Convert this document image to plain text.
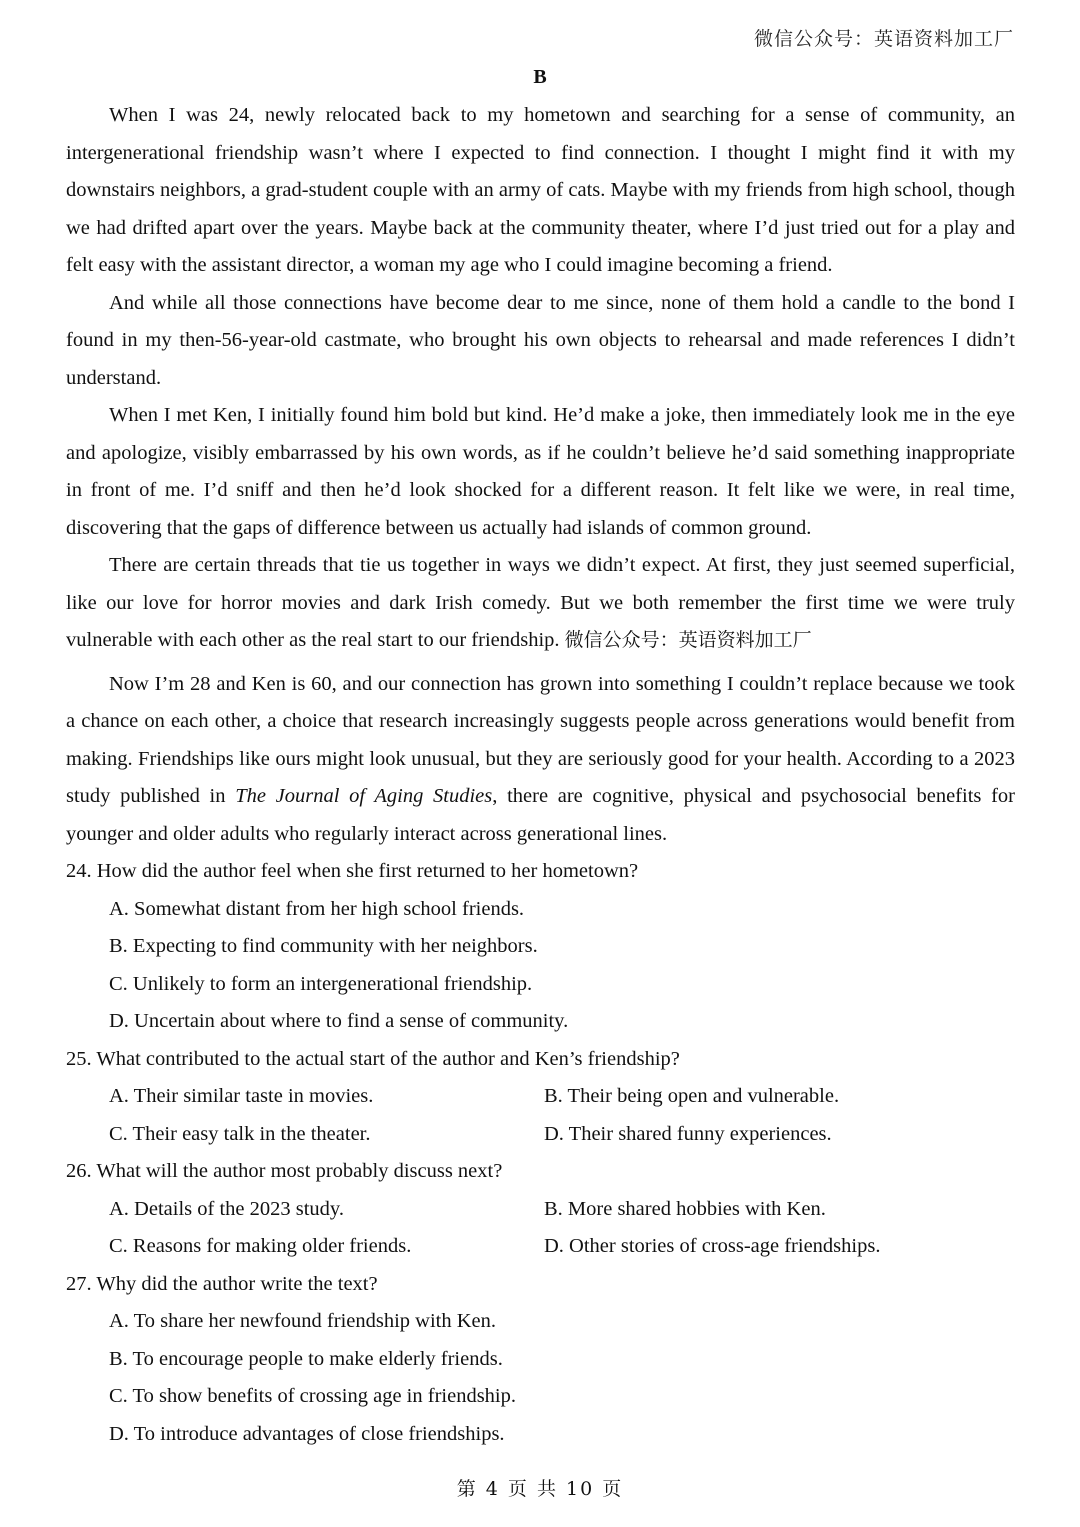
微信公众号：英语资料加工厂
B

When I was 24, newly relocated back to my hometown and searching for a sense of community, an intergenerational friendship wasn’t where I expected to find connection. I thought I might find it with my downstairs neighbors, a grad-student couple with an army of cats. Maybe with my friends from high school, though we had drifted apart over the years. Maybe back at the community theater, where I’d just tried out for a play and felt easy with the assistant director, a woman my age who I could imagine becoming a friend.

And while all those connections have become dear to me since, none of them hold a candle to the bond I found in my then-56-year-old castmate, who brought his own objects to rehearsal and made references I didn’t understand.

When I met Ken, I initially found him bold but kind. He’d make a joke, then immediately look me in the eye and apologize, visibly embarrassed by his own words, as if he couldn’t believe he’d said something inappropriate in front of me. I’d sniff and then he’d look shocked for a different reason. It felt like we were, in real time, discovering that the gaps of difference between us actually had islands of common ground.

There are certain threads that tie us together in ways we didn’t expect. At first, they just seemed superficial, like our love for horror movies and dark Irish comedy. But we both remember the first time we were truly vulnerable with each other as the real start to our friendship. 微信公众号：英语资料加工厂

Now I’m 28 and Ken is 60, and our connection has grown into something I couldn’t replace because we took a chance on each other, a choice that research increasingly suggests people across generations would benefit from making. Friendships like ours might look unusual, but they are seriously good for your health. According to a 2023 study published in The Journal of Aging Studies, there are cognitive, physical and psychosocial benefits for younger and older adults who regularly interact across generational lines.

24. How did the author feel when she first returned to her hometown?

A. Somewhat distant from her high school friends.

B. Expecting to find community with her neighbors.

C. Unlikely to form an intergenerational friendship.

D. Uncertain about where to find a sense of community.

25. What contributed to the actual start of the author and Ken’s friendship?

A. Their similar taste in movies.	B. Their being open and vulnerable.
C. Their easy talk in the theater.	D. Their shared funny experiences.

26. What will the author most probably discuss next?

A. Details of the 2023 study.	B. More shared hobbies with Ken.
C. Reasons for making older friends.	D. Other stories of cross-age friendships.

27. Why did the author write the text?

A. To share her newfound friendship with Ken.

B. To encourage people to make elderly friends.

C. To show benefits of crossing age in friendship.

D. To introduce advantages of close friendships.

第 4 页 共 10 页
